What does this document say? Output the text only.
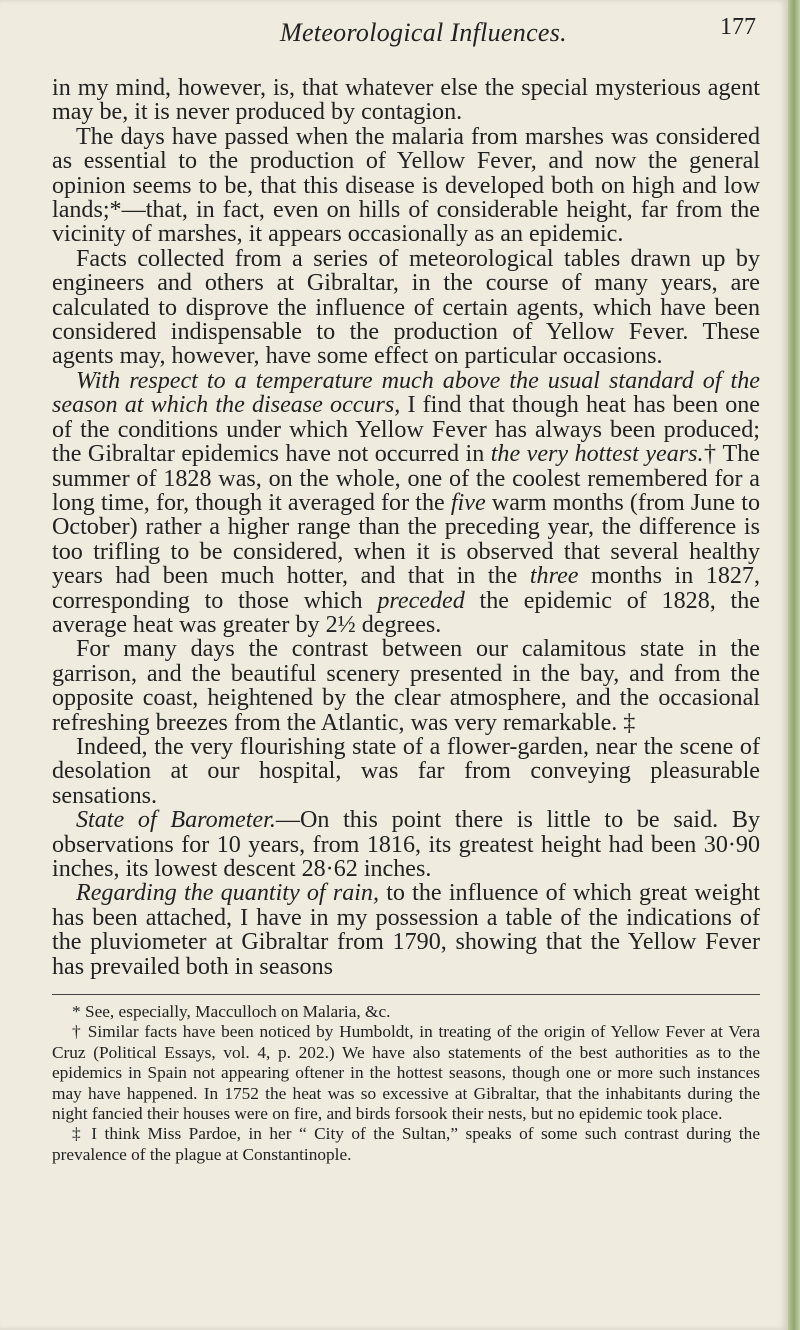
Meteorological Influences.	177

in my mind, however, is, that whatever else the special mysterious agent may be, it is never produced by contagion.

The days have passed when the malaria from marshes was considered as essential to the production of Yellow Fever, and now the general opinion seems to be, that this disease is developed both on high and low lands;*—that, in fact, even on hills of considerable height, far from the vicinity of marshes, it appears occasionally as an epidemic.

Facts collected from a series of meteorological tables drawn up by engineers and others at Gibraltar, in the course of many years, are calculated to disprove the influence of certain agents, which have been considered indispensable to the production of Yellow Fever. These agents may, however, have some effect on particular occasions.

With respect to a temperature much above the usual standard of the season at which the disease occurs, I find that though heat has been one of the conditions under which Yellow Fever has always been produced; the Gibraltar epidemics have not occurred in the very hottest years.† The summer of 1828 was, on the whole, one of the coolest remembered for a long time, for, though it averaged for the five warm months (from June to October) rather a higher range than the preceding year, the difference is too trifling to be considered, when it is observed that several healthy years had been much hotter, and that in the three months in 1827, corresponding to those which preceded the epidemic of 1828, the average heat was greater by 2½ degrees.

For many days the contrast between our calamitous state in the garrison, and the beautiful scenery presented in the bay, and from the opposite coast, heightened by the clear atmosphere, and the occasional refreshing breezes from the Atlantic, was very remarkable. ‡

Indeed, the very flourishing state of a flower-garden, near the scene of desolation at our hospital, was far from conveying pleasurable sensations.

State of Barometer.—On this point there is little to be said. By observations for 10 years, from 1816, its greatest height had been 30·90 inches, its lowest descent 28·62 inches.

Regarding the quantity of rain, to the influence of which great weight has been attached, I have in my possession a table of the indications of the pluviometer at Gibraltar from 1790, showing that the Yellow Fever has prevailed both in seasons

* See, especially, Macculloch on Malaria, &c.

† Similar facts have been noticed by Humboldt, in treating of the origin of Yellow Fever at Vera Cruz (Political Essays, vol. 4, p. 202.) We have also statements of the best authorities as to the epidemics in Spain not appearing oftener in the hottest seasons, though one or more such instances may have happened. In 1752 the heat was so excessive at Gibraltar, that the inhabitants during the night fancied their houses were on fire, and birds forsook their nests, but no epidemic took place.

‡ I think Miss Pardoe, in her “ City of the Sultan,” speaks of some such contrast during the prevalence of the plague at Constantinople.
